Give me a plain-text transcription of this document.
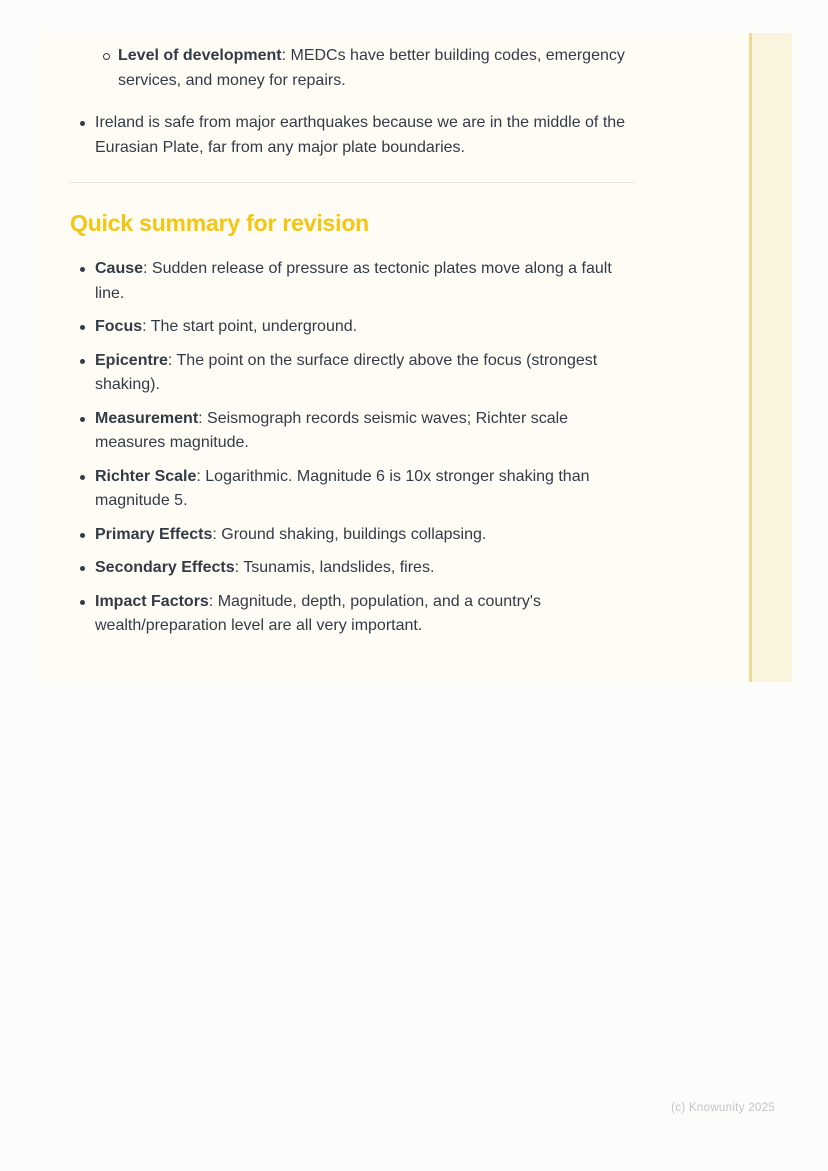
Level of development: MEDCs have better building codes, emergency services, and money for repairs.
Ireland is safe from major earthquakes because we are in the middle of the Eurasian Plate, far from any major plate boundaries.
Quick summary for revision
Cause: Sudden release of pressure as tectonic plates move along a fault line.
Focus: The start point, underground.
Epicentre: The point on the surface directly above the focus (strongest shaking).
Measurement: Seismograph records seismic waves; Richter scale measures magnitude.
Richter Scale: Logarithmic. Magnitude 6 is 10x stronger shaking than magnitude 5.
Primary Effects: Ground shaking, buildings collapsing.
Secondary Effects: Tsunamis, landslides, fires.
Impact Factors: Magnitude, depth, population, and a country's wealth/preparation level are all very important.
(c) Knowunity 2025
